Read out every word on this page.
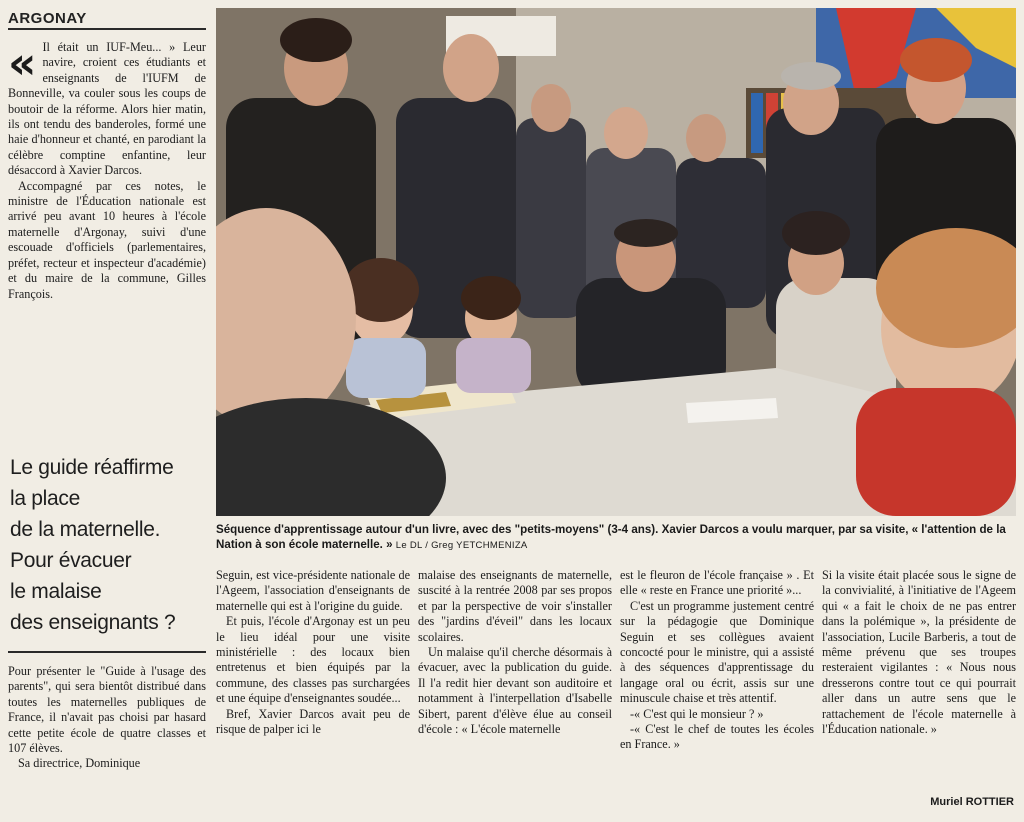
ARGONAY

« Il était un IUF-Meu... » Leur navire, croient ces étudiants et enseignants de l'IUFM de Bonneville, va couler sous les coups de boutoir de la réforme. Alors hier matin, ils ont tendu des banderoles, formé une haie d'honneur et chanté, en parodiant la célèbre comptine enfantine, leur désaccord à Xavier Darcos.

Accompagné par ces notes, le ministre de l'Éducation nationale est arrivé peu avant 10 heures à l'école maternelle d'Argonay, suivi d'une escouade d'officiels (parlementaires, préfet, recteur et inspecteur d'académie) et du maire de la commune, Gilles François.

Le guide réaffirme
la place
de la maternelle.
Pour évacuer
le malaise
des enseignants ?

Pour présenter le "Guide à l'usage des parents", qui sera bientôt distribué dans toutes les maternelles publiques de France, il n'avait pas choisi par hasard cette petite école de quatre classes et 107 élèves.

Sa directrice, Dominique

Séquence d'apprentissage autour d'un livre, avec des "petits-moyens" (3-4 ans). Xavier Darcos a voulu marquer, par sa visite, « l'attention de la Nation à son école maternelle. » Le DL / Greg YETCHMENIZA

Seguin, est vice-présidente nationale de l'Ageem, l'association d'enseignants de maternelle qui est à l'origine du guide.

Et puis, l'école d'Argonay est un peu le lieu idéal pour une visite ministérielle : des locaux bien entretenus et bien équipés par la commune, des classes pas surchargées et une équipe d'enseignantes soudée...

Bref, Xavier Darcos avait peu de risque de palper ici le

malaise des enseignants de maternelle, suscité à la rentrée 2008 par ses propos et par la perspective de voir s'installer des "jardins d'éveil" dans les locaux scolaires.

Un malaise qu'il cherche désormais à évacuer, avec la publication du guide. Il l'a redit hier devant son auditoire et notamment à l'interpellation d'Isabelle Sibert, parent d'élève élue au conseil d'école : « L'école maternelle

est le fleuron de l'école française » . Et elle « reste en France une priorité »...

C'est un programme justement centré sur la pédagogie que Dominique Seguin et ses collègues avaient concocté pour le ministre, qui a assisté à des séquences d'apprentissage du langage oral ou écrit, assis sur une minuscule chaise et très attentif.

-« C'est qui le monsieur ? »

-« C'est le chef de toutes les écoles en France. »

Si la visite était placée sous le signe de la convivialité, à l'initiative de l'Ageem qui « a fait le choix de ne pas entrer dans la polémique », la présidente de l'association, Lucile Barberis, a tout de même prévenu que ses troupes resteraient vigilantes : « Nous nous dresserons contre tout ce qui pourrait aller dans un autre sens que le rattachement de l'école maternelle à l'Éducation nationale. »

Muriel ROTTIER
